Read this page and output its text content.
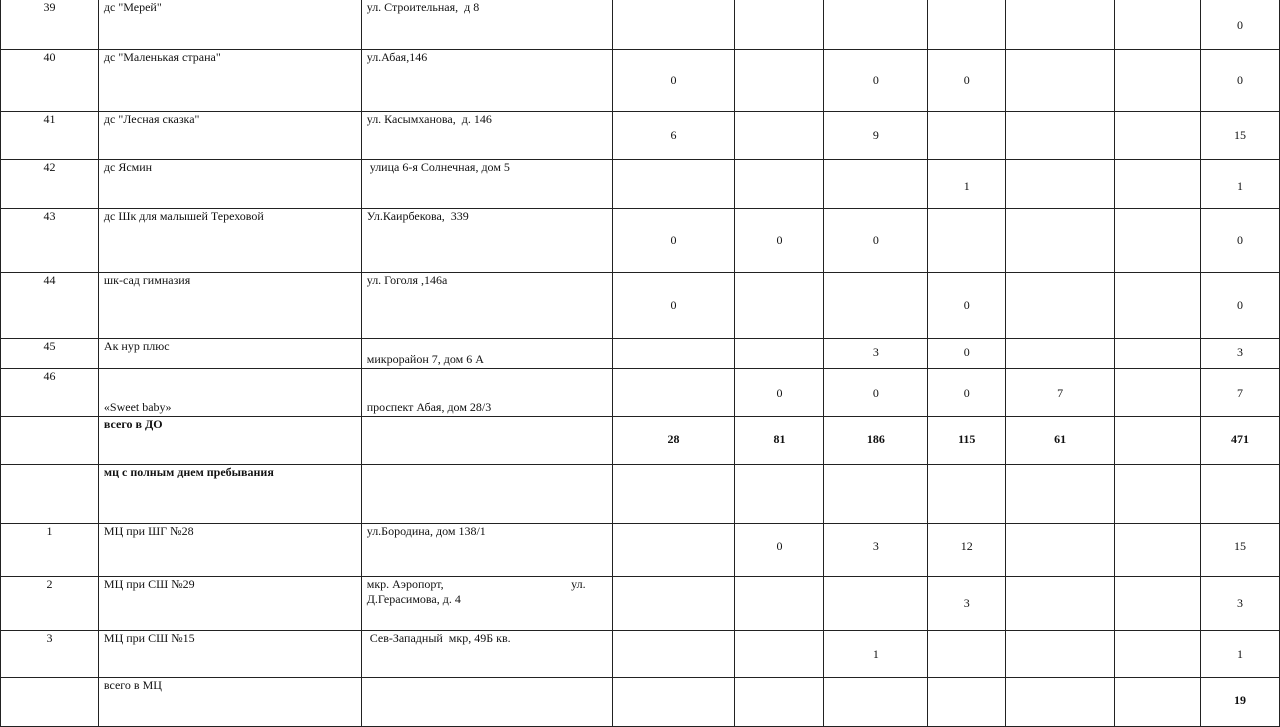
39	дс "Мерей"	ул. Строительная,  д 8							0

40	дс "Маленькая страна"	ул.Абая,146	0		0	0			0

41	дс "Лесная сказка"	ул. Касымханова,  д. 146	6		9				15

42	дс Ясмин	улица 6-я Солнечная, дом 5				1			1

43	дс Шк для малышей Тереховой	Ул.Каирбекова,  339	0	0	0				0

44	шк-сад гимназия	ул. Гоголя ,146а	0			0			0

45	Ак нур плюс	микрорайон 7, дом 6 А			3	0			3

46	«Sweet baby»	проспект Абая, дом 28/3		0	0	0	7		7

	всего в ДО		28	81	186	115	61		471

	мц с полным днем пребывания								

1	МЦ при ШГ №28	ул.Бородина, дом 138/1		0	3	12			15

2	МЦ при СШ №29	мкр. Аэропорт, ул.
Д.Герасимова, д. 4				3			3

3	МЦ при СШ №15	Сев-Западный  мкр, 49Б кв.			1				1

	всего в МЦ								19
